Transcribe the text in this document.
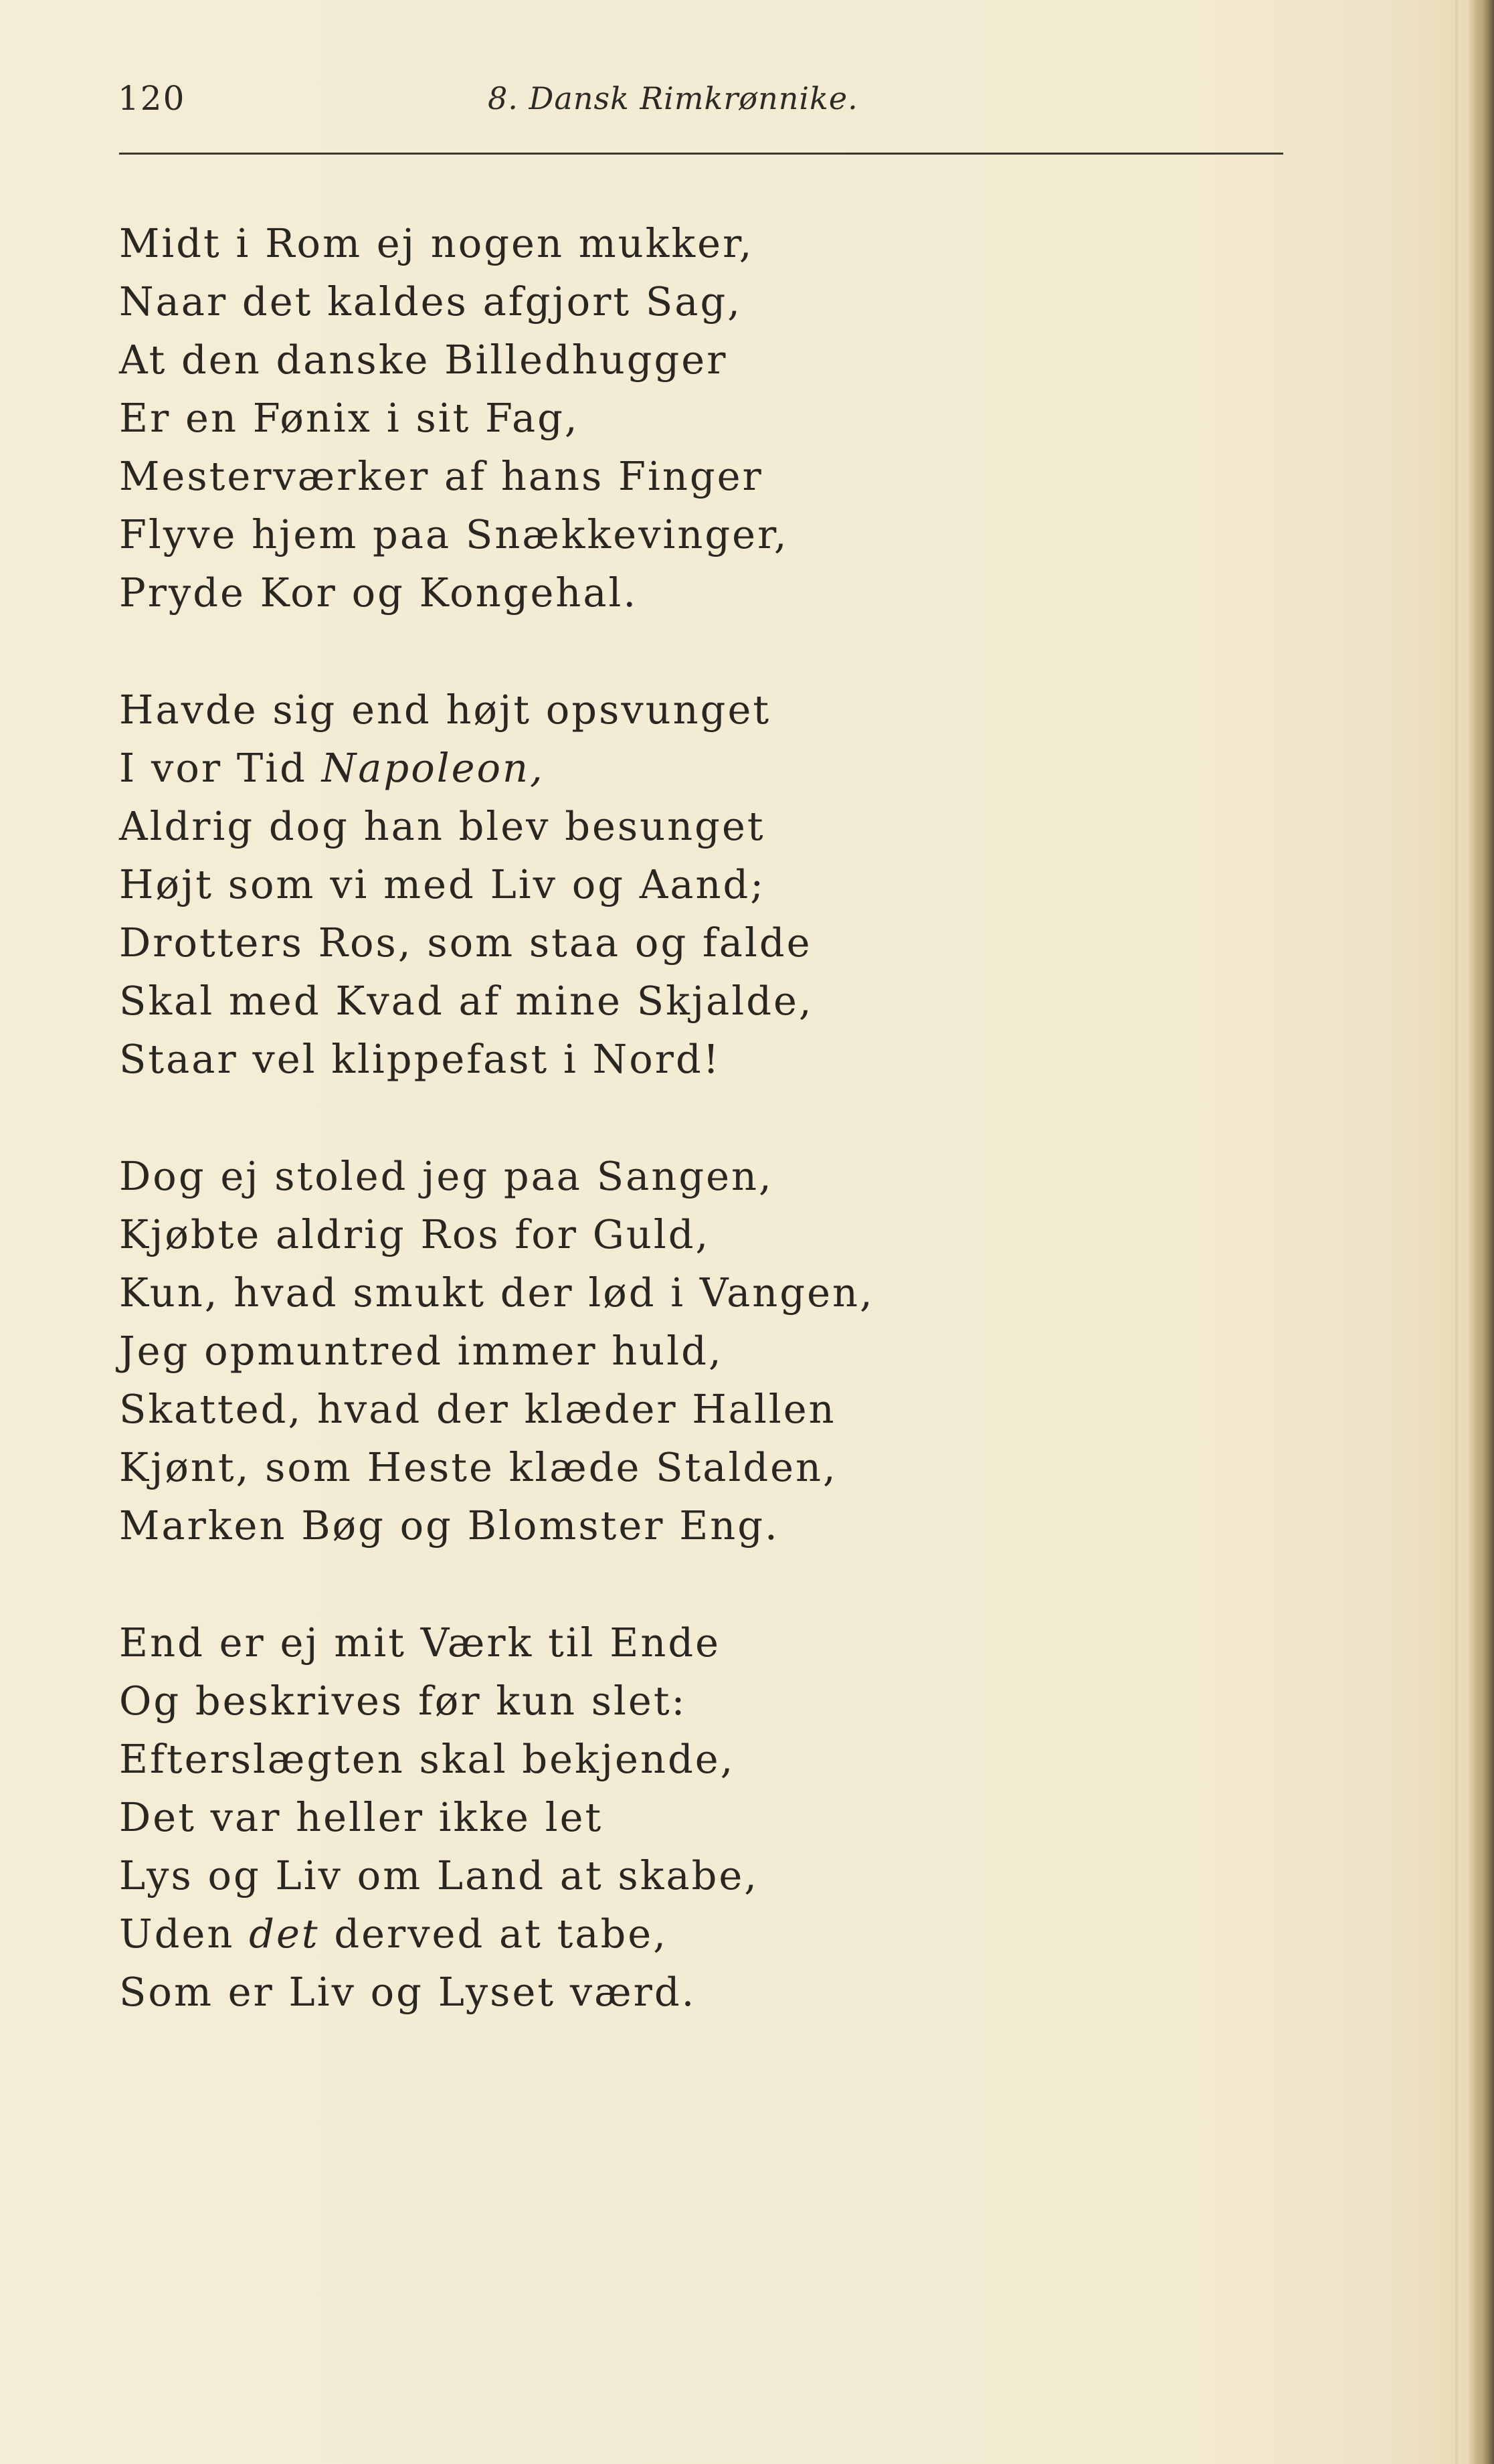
120	8. Dansk Rimkrønnike.
Midt i Rom ej nogen mukker,
Naar det kaldes afgjort Sag,
At den danske Billedhugger
Er en Fønix i sit Fag,
Mesterværker af hans Finger
Flyve hjem paa Snækkevinger,
Pryde Kor og Kongehal.
Havde sig end højt opsvunget
I vor Tid Napoleon,
Aldrig dog han blev besunget
Højt som vi med Liv og Aand;
Drotters Ros, som staa og falde
Skal med Kvad af mine Skjalde,
Staar vel klippefast i Nord!
Dog ej stoled jeg paa Sangen,
Kjøbte aldrig Ros for Guld,
Kun, hvad smukt der lød i Vangen,
Jeg opmuntred immer huld,
Skatted, hvad der klæder Hallen
Kjønt, som Heste klæde Stalden,
Marken Bøg og Blomster Eng.
End er ej mit Værk til Ende
Og beskrives før kun slet:
Efterslægten skal bekjende,
Det var heller ikke let
Lys og Liv om Land at skabe,
Uden det derved at tabe,
Som er Liv og Lyset værd.
